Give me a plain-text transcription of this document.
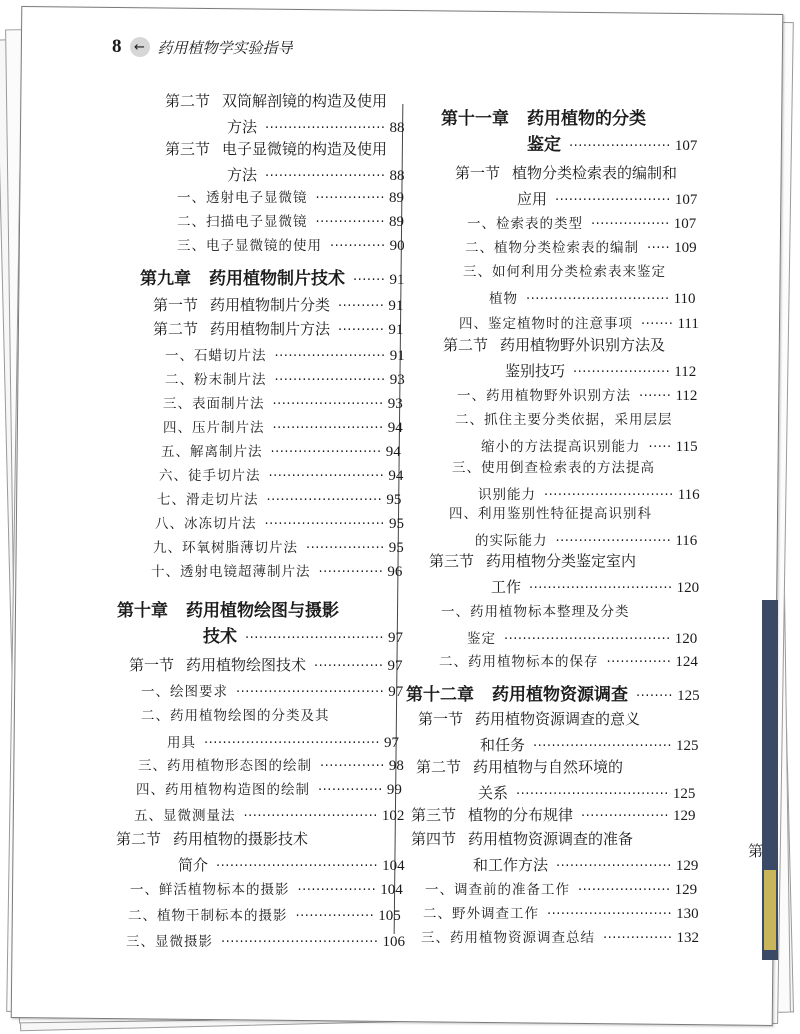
第
8 ← 药用植物学实验指导
第二节 双筒解剖镜的构造及使用
方法 ·························· 88
第三节 电子显微镜的构造及使用
方法 ·························· 88
一、透射电子显微镜 ··············· 89
二、扫描电子显微镜 ··············· 89
三、电子显微镜的使用 ············ 90
第九章 药用植物制片技术 ······· 91
第一节 药用植物制片分类 ·········· 91
第二节 药用植物制片方法 ·········· 91
一、石蜡切片法 ························ 91
二、粉末制片法 ························ 93
三、表面制片法 ························ 93
四、压片制片法 ························ 94
五、解离制片法 ························ 94
六、徒手切片法 ························· 94
七、滑走切片法 ························· 95
八、冰冻切片法 ·························· 95
九、环氧树脂薄切片法 ················· 95
十、透射电镜超薄制片法 ·············· 96
第十章 药用植物绘图与摄影
技术 ······························ 97
第一节 药用植物绘图技术 ··············· 97
一、绘图要求 ································ 97
二、药用植物绘图的分类及其
用具 ······································ 97
三、药用植物形态图的绘制 ·············· 98
四、药用植物构造图的绘制 ·············· 99
五、显微测量法 ····························· 102
第二节 药用植物的摄影技术
简介 ··································· 104
一、鲜活植物标本的摄影 ················· 104
二、植物干制标本的摄影 ················· 105
三、显微摄影 ·································· 106
第十一章 药用植物的分类
鉴定 ······················ 107
第一节 植物分类检索表的编制和
应用 ························· 107
一、检索表的类型 ················· 107
二、植物分类检索表的编制 ····· 109
三、如何利用分类检索表来鉴定
植物 ······························· 110
四、鉴定植物时的注意事项 ······· 111
第二节 药用植物野外识别方法及
鉴别技巧 ····················· 112
一、药用植物野外识别方法 ······· 112
二、抓住主要分类依据，采用层层
缩小的方法提高识别能力 ····· 115
三、使用倒查检索表的方法提高
识别能力 ···························· 116
四、利用鉴别性特征提高识别科
的实际能力 ························· 116
第三节 药用植物分类鉴定室内
工作 ······························· 120
一、药用植物标本整理及分类
鉴定 ···································· 120
二、药用植物标本的保存 ·············· 124
第十二章 药用植物资源调查 ········ 125
第一节 药用植物资源调查的意义
和任务 ······························ 125
第二节 药用植物与自然环境的
关系 ································· 125
第三节 植物的分布规律 ··················· 129
第四节 药用植物资源调查的准备
和工作方法 ························· 129
一、调查前的准备工作 ···················· 129
二、野外调查工作 ··························· 130
三、药用植物资源调查总结 ··············· 132
